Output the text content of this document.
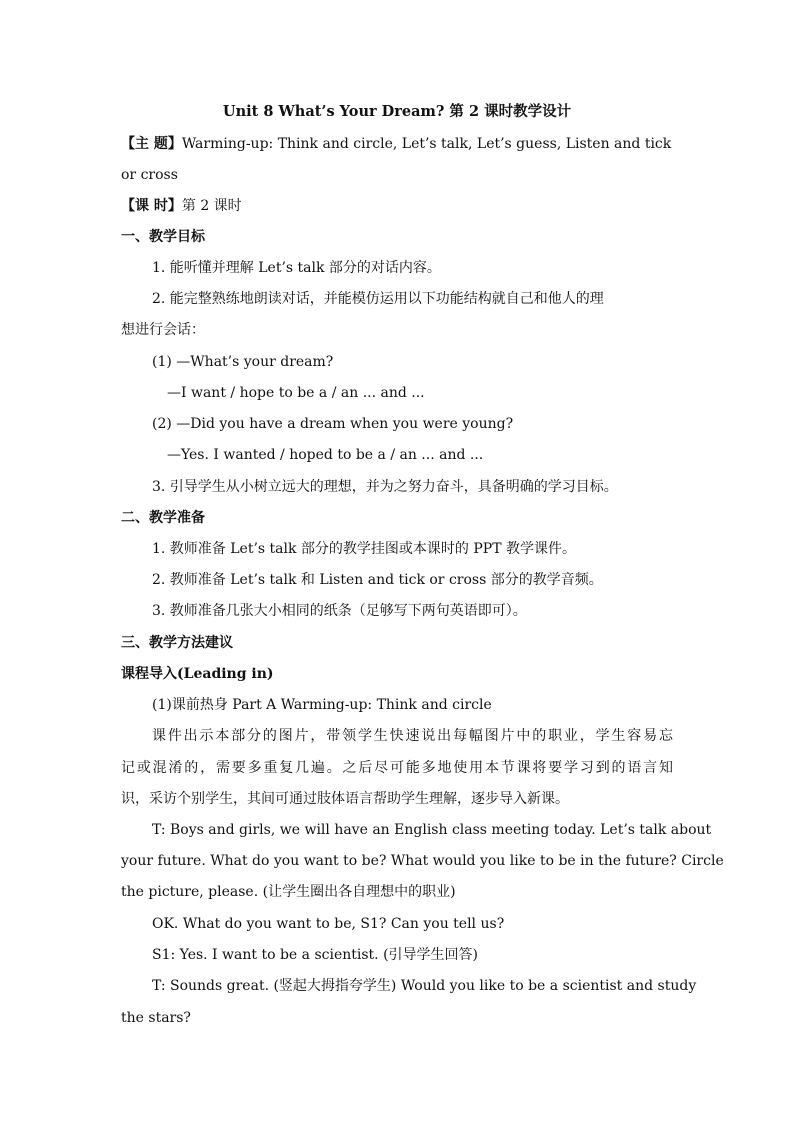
Unit 8 What’s Your Dream? 第 2 课时教学设计
【主 题】Warming-up: Think and circle, Let’s talk, Let’s guess, Listen and tick
or cross
【课 时】第 2 课时
一、教学目标
1. 能听懂并理解 Let’s talk 部分的对话内容。
2. 能完整熟练地朗读对话，并能模仿运用以下功能结构就自己和他人的理
想进行会话：
(1) —What’s your dream?
—I want / hope to be a / an ... and ...
(2) —Did you have a dream when you were young?
—Yes. I wanted / hoped to be a / an ... and ...
3. 引导学生从小树立远大的理想，并为之努力奋斗，具备明确的学习目标。
二、教学准备
1. 教师准备 Let’s talk 部分的教学挂图或本课时的 PPT 教学课件。
2. 教师准备 Let’s talk 和 Listen and tick or cross 部分的教学音频。
3. 教师准备几张大小相同的纸条（足够写下两句英语即可）。
三、教学方法建议
课程导入(Leading in)
(1)课前热身 Part A Warming-up: Think and circle
课件出示本部分的图片，带领学生快速说出每幅图片中的职业，学生容易忘
记或混淆的，需要多重复几遍。之后尽可能多地使用本节课将要学习到的语言知
识，采访个别学生，其间可通过肢体语言帮助学生理解，逐步导入新课。
T: Boys and girls, we will have an English class meeting today. Let’s talk about
your future. What do you want to be? What would you like to be in the future? Circle
the picture, please. (让学生圈出各自理想中的职业)
OK. What do you want to be, S1? Can you tell us?
S1: Yes. I want to be a scientist. (引导学生回答)
T: Sounds great. (竖起大拇指夸学生) Would you like to be a scientist and study
the stars?
